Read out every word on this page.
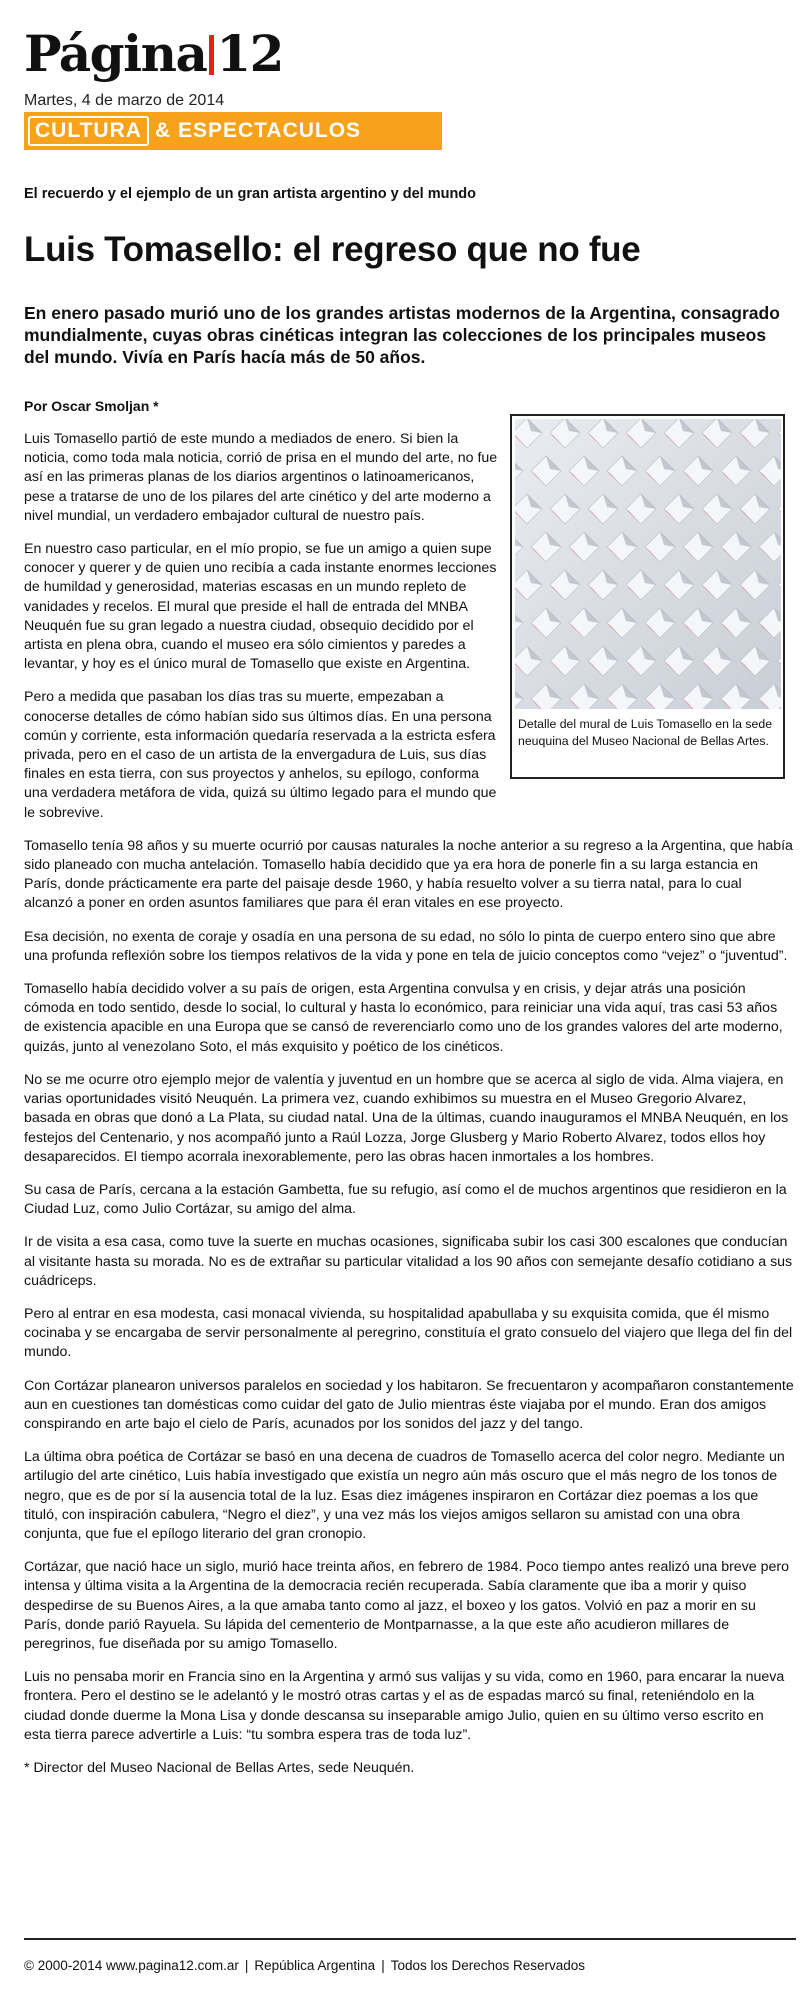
Página 12
Martes, 4 de marzo de 2014
CULTURA & ESPECTACULOS
El recuerdo y el ejemplo de un gran artista argentino y del mundo
Luis Tomasello: el regreso que no fue

En enero pasado murió uno de los grandes artistas modernos de la Argentina, consagrado mundialmente, cuyas obras cinéticas integran las colecciones de los principales museos del mundo. Vivía en París hacía más de 50 años.

Por Oscar Smoljan *
Detalle del mural de Luis Tomasello en la sede neuquina del Museo Nacional de Bellas Artes.

Luis Tomasello partió de este mundo a mediados de enero. Si bien la noticia, como toda mala noticia, corrió de prisa en el mundo del arte, no fue así en las primeras planas de los diarios argentinos o latinoamericanos, pese a tratarse de uno de los pilares del arte cinético y del arte moderno a nivel mundial, un verdadero embajador cultural de nuestro país.

En nuestro caso particular, en el mío propio, se fue un amigo a quien supe conocer y querer y de quien uno recibía a cada instante enormes lecciones de humildad y generosidad, materias escasas en un mundo repleto de vanidades y recelos. El mural que preside el hall de entrada del MNBA Neuquén fue su gran legado a nuestra ciudad, obsequio decidido por el artista en plena obra, cuando el museo era sólo cimientos y paredes a levantar, y hoy es el único mural de Tomasello que existe en Argentina.

Pero a medida que pasaban los días tras su muerte, empezaban a conocerse detalles de cómo habían sido sus últimos días. En una persona común y corriente, esta información quedaría reservada a la estricta esfera privada, pero en el caso de un artista de la envergadura de Luis, sus días finales en esta tierra, con sus proyectos y anhelos, su epílogo, conforma una verdadera metáfora de vida, quizá su último legado para el mundo que le sobrevive.

Tomasello tenía 98 años y su muerte ocurrió por causas naturales la noche anterior a su regreso a la Argentina, que había sido planeado con mucha antelación. Tomasello había decidido que ya era hora de ponerle fin a su larga estancia en París, donde prácticamente era parte del paisaje desde 1960, y había resuelto volver a su tierra natal, para lo cual alcanzó a poner en orden asuntos familiares que para él eran vitales en ese proyecto.

Esa decisión, no exenta de coraje y osadía en una persona de su edad, no sólo lo pinta de cuerpo entero sino que abre una profunda reflexión sobre los tiempos relativos de la vida y pone en tela de juicio conceptos como “vejez” o “juventud”.

Tomasello había decidido volver a su país de origen, esta Argentina convulsa y en crisis, y dejar atrás una posición cómoda en todo sentido, desde lo social, lo cultural y hasta lo económico, para reiniciar una vida aquí, tras casi 53 años de existencia apacible en una Europa que se cansó de reverenciarlo como uno de los grandes valores del arte moderno, quizás, junto al venezolano Soto, el más exquisito y poético de los cinéticos.

No se me ocurre otro ejemplo mejor de valentía y juventud en un hombre que se acerca al siglo de vida. Alma viajera, en varias oportunidades visitó Neuquén. La primera vez, cuando exhibimos su muestra en el Museo Gregorio Alvarez, basada en obras que donó a La Plata, su ciudad natal. Una de la últimas, cuando inauguramos el MNBA Neuquén, en los festejos del Centenario, y nos acompañó junto a Raúl Lozza, Jorge Glusberg y Mario Roberto Alvarez, todos ellos hoy desaparecidos. El tiempo acorrala inexorablemente, pero las obras hacen inmortales a los hombres.

Su casa de París, cercana a la estación Gambetta, fue su refugio, así como el de muchos argentinos que residieron en la Ciudad Luz, como Julio Cortázar, su amigo del alma.

Ir de visita a esa casa, como tuve la suerte en muchas ocasiones, significaba subir los casi 300 escalones que conducían al visitante hasta su morada. No es de extrañar su particular vitalidad a los 90 años con semejante desafío cotidiano a sus cuádriceps.

Pero al entrar en esa modesta, casi monacal vivienda, su hospitalidad apabullaba y su exquisita comida, que él mismo cocinaba y se encargaba de servir personalmente al peregrino, constituía el grato consuelo del viajero que llega del fin del mundo.

Con Cortázar planearon universos paralelos en sociedad y los habitaron. Se frecuentaron y acompañaron constantemente aun en cuestiones tan domésticas como cuidar del gato de Julio mientras éste viajaba por el mundo. Eran dos amigos conspirando en arte bajo el cielo de París, acunados por los sonidos del jazz y del tango.

La última obra poética de Cortázar se basó en una decena de cuadros de Tomasello acerca del color negro. Mediante un artilugio del arte cinético, Luis había investigado que existía un negro aún más oscuro que el más negro de los tonos de negro, que es de por sí la ausencia total de la luz. Esas diez imágenes inspiraron en Cortázar diez poemas a los que tituló, con inspiración cabulera, “Negro el diez”, y una vez más los viejos amigos sellaron su amistad con una obra conjunta, que fue el epílogo literario del gran cronopio.

Cortázar, que nació hace un siglo, murió hace treinta años, en febrero de 1984. Poco tiempo antes realizó una breve pero intensa y última visita a la Argentina de la democracia recién recuperada. Sabía claramente que iba a morir y quiso despedirse de su Buenos Aires, a la que amaba tanto como al jazz, el boxeo y los gatos. Volvió en paz a morir en su París, donde parió Rayuela. Su lápida del cementerio de Montparnasse, a la que este año acudieron millares de peregrinos, fue diseñada por su amigo Tomasello.

Luis no pensaba morir en Francia sino en la Argentina y armó sus valijas y su vida, como en 1960, para encarar la nueva frontera. Pero el destino se le adelantó y le mostró otras cartas y el as de espadas marcó su final, reteniéndolo en la ciudad donde duerme la Mona Lisa y donde descansa su inseparable amigo Julio, quien en su último verso escrito en esta tierra parece advertirle a Luis: “tu sombra espera tras de toda luz”.

* Director del Museo Nacional de Bellas Artes, sede Neuquén.

© 2000-2014 www.pagina12.com.ar | República Argentina | Todos los Derechos Reservados
